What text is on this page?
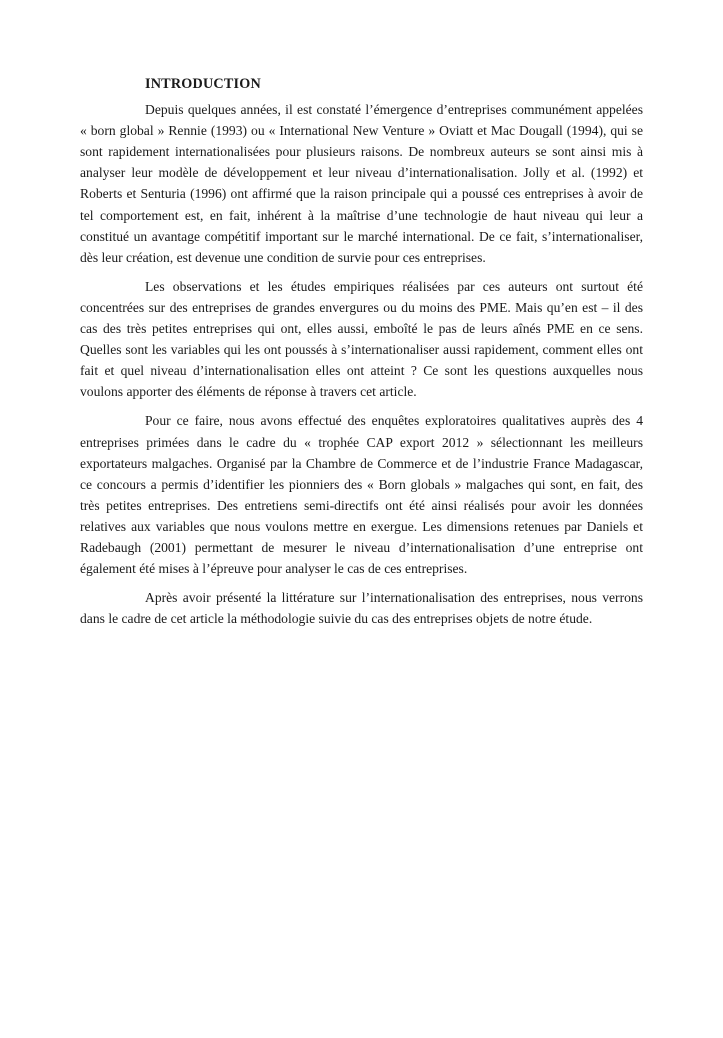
INTRODUCTION

Depuis quelques années, il est constaté l’émergence d’entreprises communément appelées « born global » Rennie (1993) ou « International New Venture » Oviatt et Mac Dougall (1994), qui se sont rapidement internationalisées pour plusieurs raisons. De nombreux auteurs se sont ainsi mis à analyser leur modèle de développement et leur niveau d’internationalisation. Jolly et al. (1992) et Roberts et Senturia (1996) ont affirmé que la raison principale qui a poussé ces entreprises à avoir de tel comportement est, en fait, inhérent à la maîtrise d’une technologie de haut niveau qui leur a constitué un avantage compétitif important sur le marché international. De ce fait, s’internationaliser, dès leur création, est devenue une condition de survie pour ces entreprises.

Les observations et les études empiriques réalisées par ces auteurs ont surtout été concentrées sur des entreprises de grandes envergures ou du moins des PME. Mais qu’en est – il des cas des très petites entreprises qui ont, elles aussi, emboîté le pas de leurs aînés PME en ce sens. Quelles sont les variables qui les ont poussés à s’internationaliser aussi rapidement, comment elles ont fait et quel niveau d’internationalisation elles ont atteint ? Ce sont les questions auxquelles nous voulons apporter des éléments de réponse à travers cet article.

Pour ce faire, nous avons effectué des enquêtes exploratoires qualitatives auprès des 4 entreprises primées dans le cadre du « trophée CAP export 2012 » sélectionnant les meilleurs exportateurs malgaches. Organisé par la Chambre de Commerce et de l’industrie France Madagascar, ce concours a permis d’identifier les pionniers des « Born globals » malgaches qui sont, en fait, des très petites entreprises. Des entretiens semi-directifs ont été ainsi réalisés pour avoir les données relatives aux variables que nous voulons mettre en exergue. Les dimensions retenues par Daniels et Radebaugh (2001) permettant de mesurer le niveau d’internationalisation d’une entreprise ont également été mises à l’épreuve pour analyser le cas de ces entreprises.

Après avoir présenté la littérature sur l’internationalisation des entreprises, nous verrons dans le cadre de cet article la méthodologie suivie du cas des entreprises objets de notre étude.
